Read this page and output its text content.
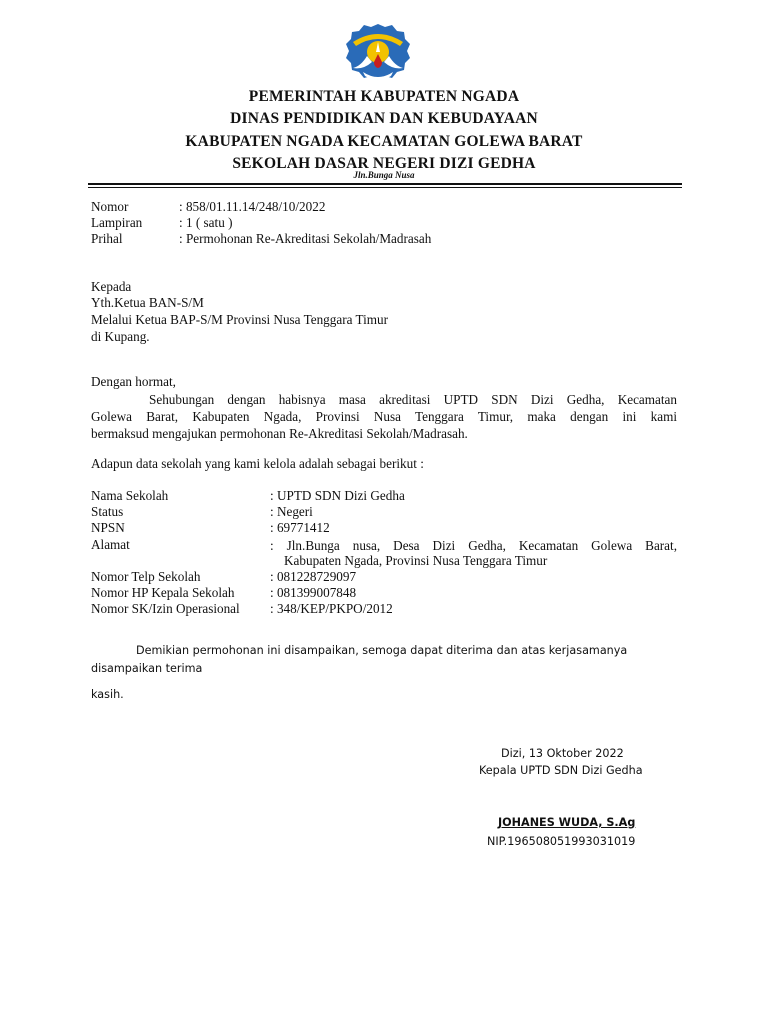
PEMERINTAH KABUPATEN NGADA
DINAS PENDIDIKAN DAN KEBUDAYAAN
KABUPATEN NGADA KECAMATAN GOLEWA BARAT
SEKOLAH DASAR NEGERI DIZI GEDHA
Jln.Bunga Nusa
Nomor	: 858/01.11.14/248/10/2022
Lampiran	: 1 ( satu )
Prihal	: Permohonan Re-Akreditasi Sekolah/Madrasah
Kepada
Yth.Ketua BAN-S/M
Melalui Ketua BAP-S/M Provinsi Nusa Tenggara Timur
di Kupang.
Dengan hormat,
Sehubungan dengan habisnya masa akreditasi UPTD SDN Dizi Gedha, Kecamatan
Golewa Barat, Kabupaten Ngada, Provinsi Nusa Tenggara Timur, maka dengan ini kami
bermaksud mengajukan permohonan Re-Akreditasi Sekolah/Madrasah.
Adapun data sekolah yang kami kelola adalah sebagai berikut :
Nama Sekolah	: UPTD SDN Dizi Gedha
Status	: Negeri
NPSN	: 69771412
Alamat	: Jln.Bunga nusa, Desa Dizi Gedha, Kecamatan Golewa Barat,
Kabupaten Ngada, Provinsi Nusa Tenggara Timur
Nomor Telp Sekolah	: 081228729097
Nomor HP Kepala Sekolah	: 081399007848
Nomor SK/Izin Operasional : 348/KEP/PKPO/2012
Demikian permohonan ini disampaikan, semoga dapat diterima dan atas kerjasamanya
disampaikan terima
kasih.
Dizi, 13 Oktober 2022
Kepala UPTD SDN Dizi Gedha
JOHANES WUDA, S.Ag
NIP.196508051993031019
